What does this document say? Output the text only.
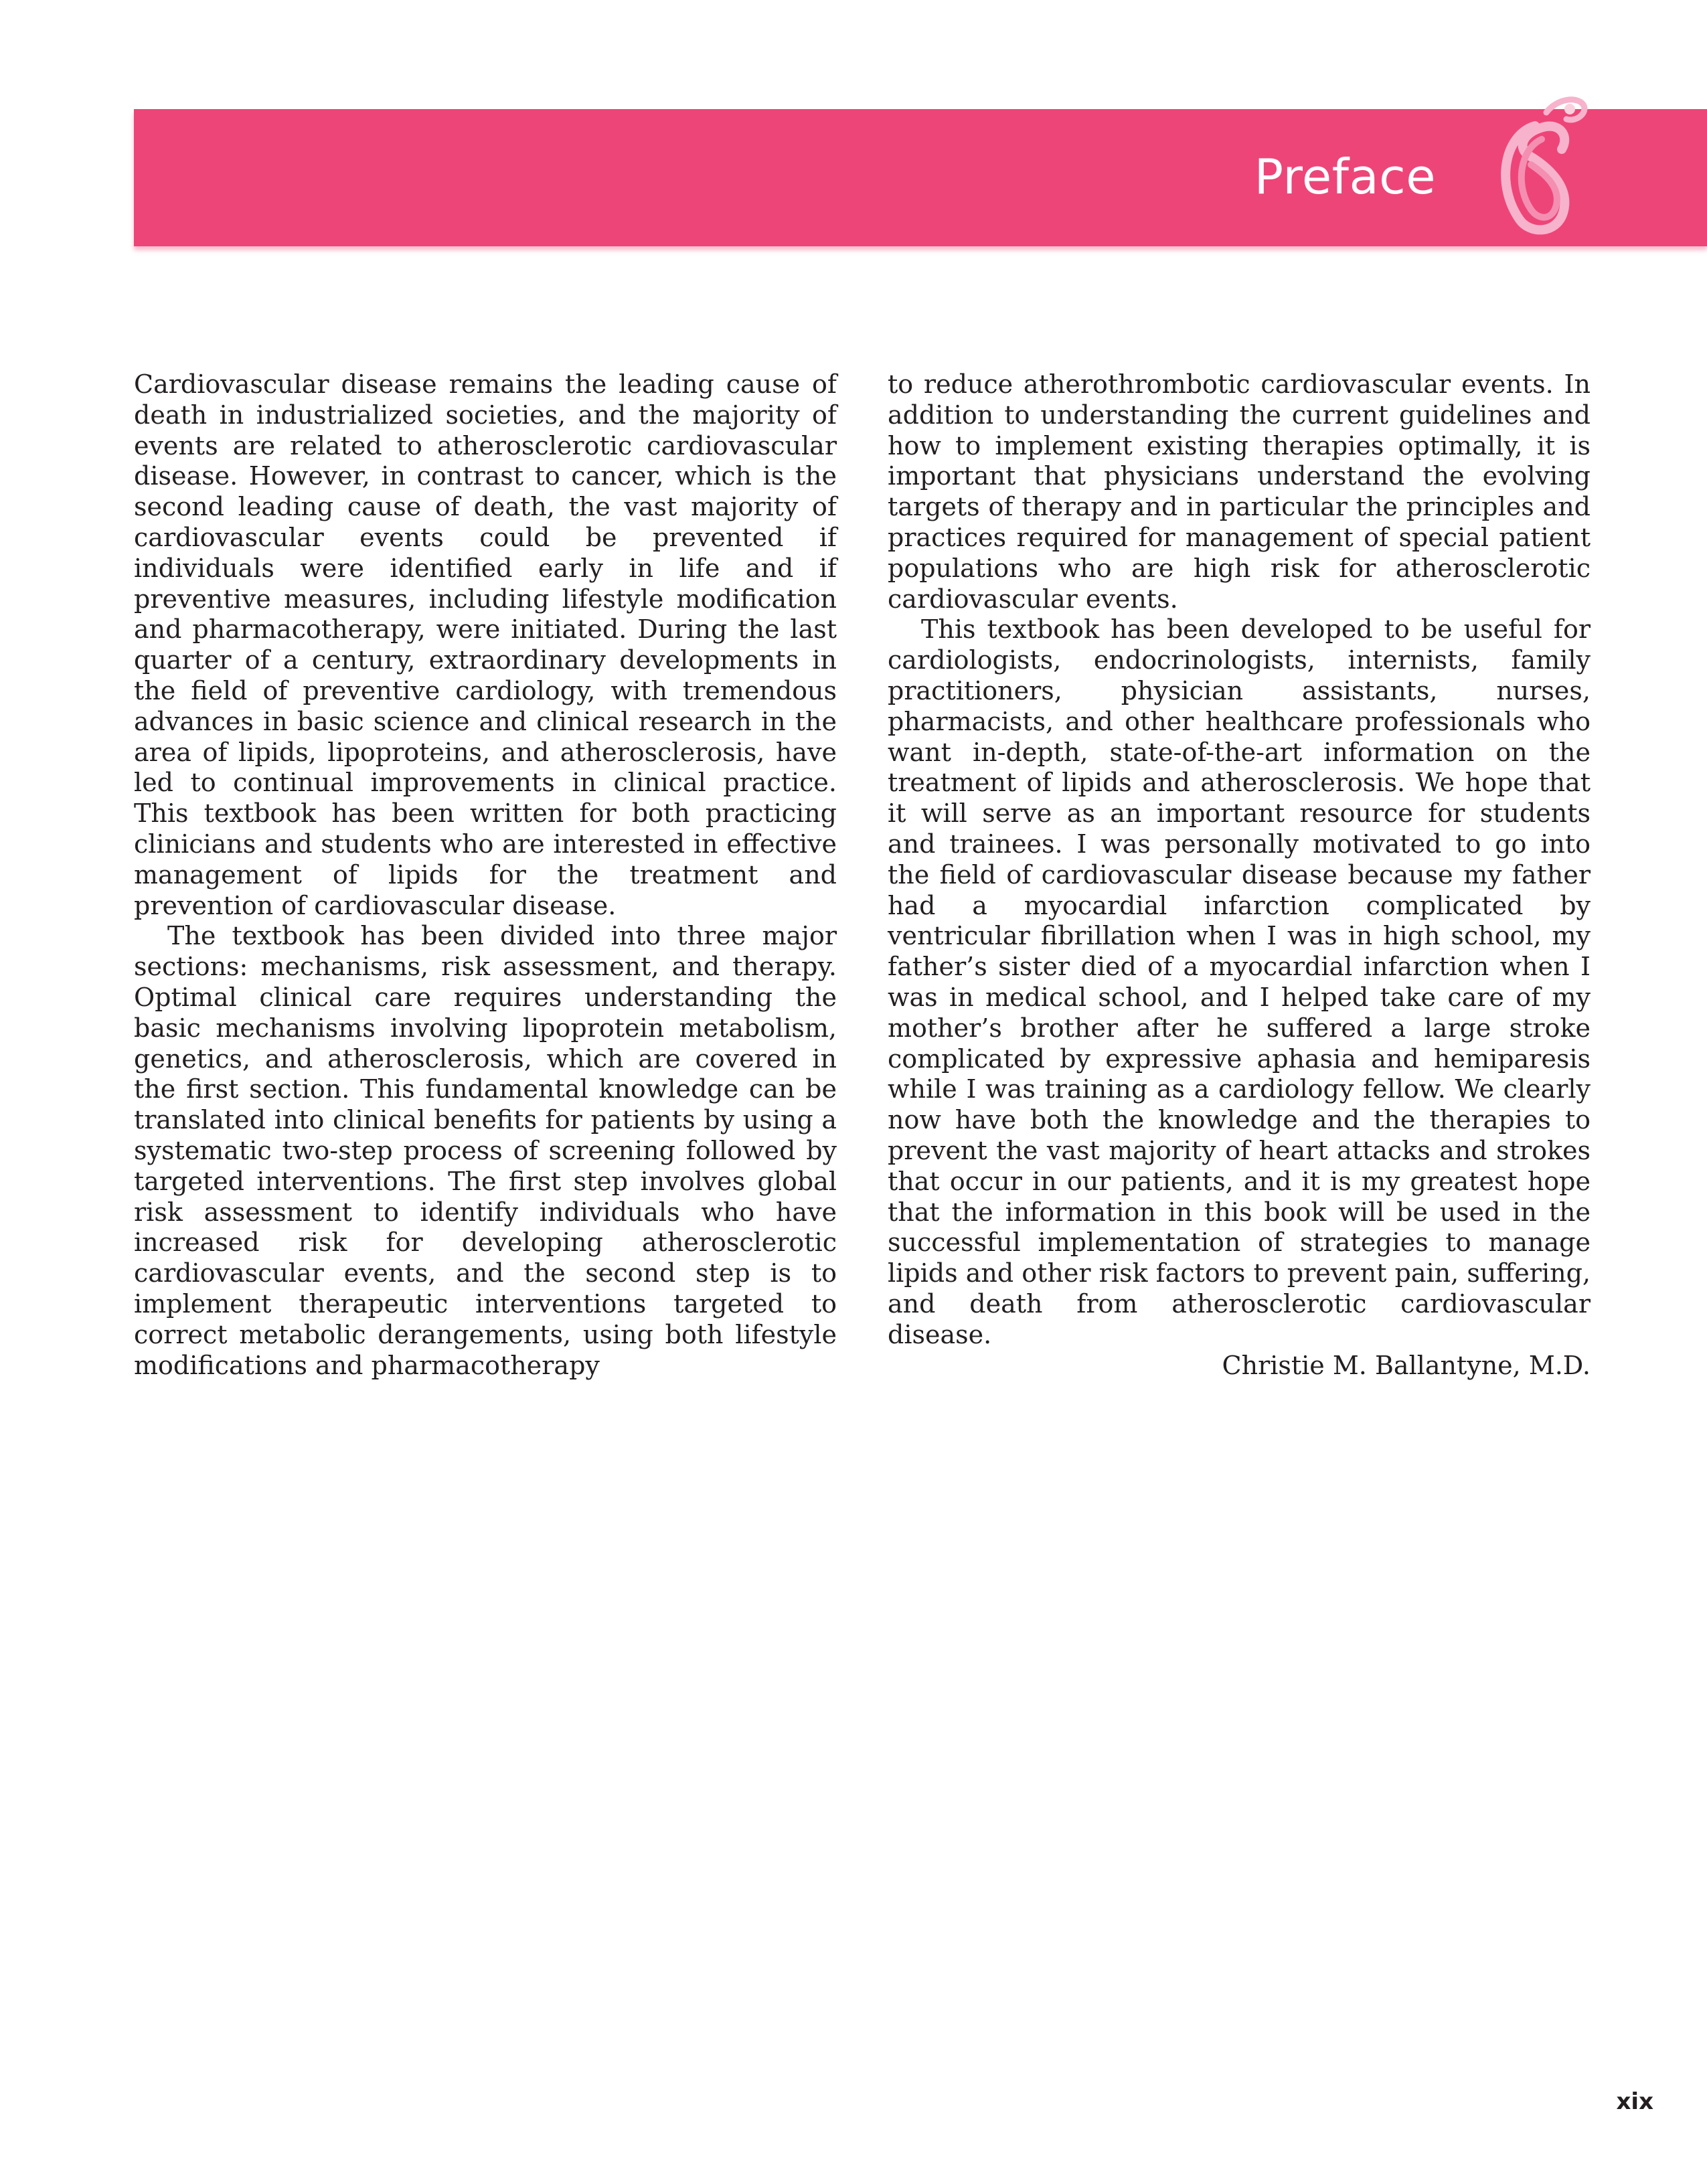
Preface

Cardiovascular disease remains the leading cause of death in industrialized societies, and the majority of events are related to atherosclerotic cardiovascular disease. However, in contrast to cancer, which is the second leading cause of death, the vast majority of cardiovascular events could be prevented if individuals were identified early in life and if preventive measures, including lifestyle modification and pharmacotherapy, were initiated. During the last quarter of a century, extraordinary developments in the field of preventive cardiology, with tremendous advances in basic science and clinical research in the area of lipids, lipoproteins, and atherosclerosis, have led to continual improvements in clinical practice. This textbook has been written for both practicing clinicians and students who are interested in effective management of lipids for the treatment and prevention of cardiovascular disease.

The textbook has been divided into three major sections: mechanisms, risk assessment, and therapy. Optimal clinical care requires understanding the basic mechanisms involving lipoprotein metabolism, genetics, and atherosclerosis, which are covered in the first section. This fundamental knowledge can be translated into clinical benefits for patients by using a systematic two-step process of screening followed by targeted interventions. The first step involves global risk assessment to identify individuals who have increased risk for developing atherosclerotic cardiovascular events, and the second step is to implement therapeutic interventions targeted to correct metabolic derangements, using both lifestyle modifications and pharmacotherapy

to reduce atherothrombotic cardiovascular events. In addition to understanding the current guidelines and how to implement existing therapies optimally, it is important that physicians understand the evolving targets of therapy and in particular the principles and practices required for management of special patient populations who are high risk for atherosclerotic cardiovascular events.

This textbook has been developed to be useful for cardiologists, endocrinologists, internists, family practitioners, physician assistants, nurses, pharmacists, and other healthcare professionals who want in-depth, state-of-the-art information on the treatment of lipids and atherosclerosis. We hope that it will serve as an important resource for students and trainees. I was personally motivated to go into the field of cardiovascular disease because my father had a myocardial infarction complicated by ventricular fibrillation when I was in high school, my father’s sister died of a myocardial infarction when I was in medical school, and I helped take care of my mother’s brother after he suffered a large stroke complicated by expressive aphasia and hemiparesis while I was training as a cardiology fellow. We clearly now have both the knowledge and the therapies to prevent the vast majority of heart attacks and strokes that occur in our patients, and it is my greatest hope that the information in this book will be used in the successful implementation of strategies to manage lipids and other risk factors to prevent pain, suffering, and death from atherosclerotic cardiovascular disease.

Christie M. Ballantyne, M.D.

xix
